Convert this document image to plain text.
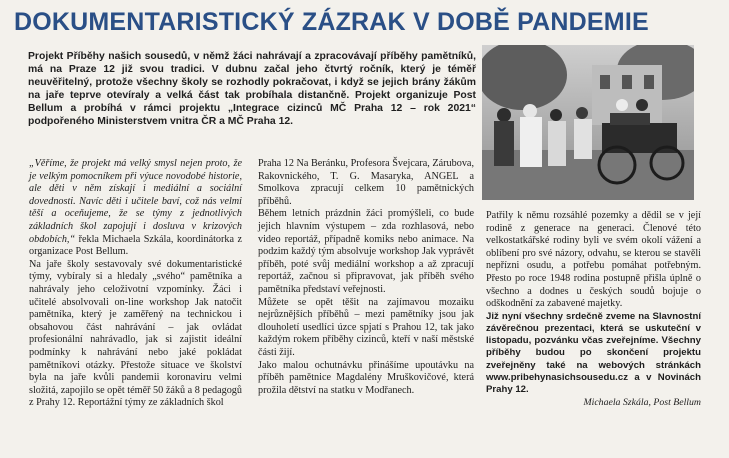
DOKUMENTARISTICKÝ ZÁZRAK V DOBĚ PANDEMIE

Projekt Příběhy našich sousedů, v němž žáci nahrávají a zpracovávají příběhy pamětníků, má na Praze 12 již svou tradici. V dubnu začal jeho čtvrtý ročník, který je téměř neuvěřitelný, protože všechny školy se rozhodly pokračovat, i když se jejich brány žákům na jaře teprve otevíraly a velká část tak probíhala distančně. Projekt organizuje Post Bellum a probíhá v rámci projektu „Integrace cizinců MČ Praha 12 – rok 2021“ podpořeného Ministerstvem vnitra ČR a MČ Praha 12.

„Věříme, že projekt má velký smysl nejen proto, že je velkým pomocníkem při výuce novodobé historie, ale děti v něm získají i mediální a sociální dovednosti. Navíc děti i učitele baví, což nás velmi těší a oceňujeme, že se týmy z jednotlivých základních škol zapojují i dosluva v krizových obdobích,“ řekla Michaela Szkála, koordinátorka z organizace Post Bellum.

Na jaře školy sestavovaly své dokumentaristické týmy, vybíraly si a hledaly „svého“ pamětníka a nahrávaly jeho celoživotní vzpomínky. Žáci i učitelé absolvovali on-line workshop Jak natočit pamětníka, který je zaměřený na technickou i obsahovou část nahrávání – jak ovládat profesionální nahrávadlo, jak si zajistit ideální podmínky k nahrávání nebo jaké pokládat pamětníkovi otázky. Přestože situace ve školství byla na jaře kvůli pandemii koronaviru velmi složitá, zapojilo se opět téměř 50 žáků a 8 pedagogů z Prahy 12. Reportážní týmy ze základních škol

Praha 12 Na Beránku, Profesora Švejcara, Zárubova, Rakovnického, T. G. Masaryka, ANGEL a Smolkova zpracují celkem 10 pamětnických příběhů.

Během letních prázdnin žáci promýšleli, co bude jejich hlavním výstupem – zda rozhlasová, nebo video reportáž, případně komiks nebo animace. Na podzim každý tým absolvuje workshop Jak vyprávět příběh, poté svůj mediální workshop a až zpracují reportáž, začnou si připravovat, jak příběh svého pamětníka představí veřejnosti.

Můžete se opět těšit na zajímavou mozaiku nejrůznějších příběhů – mezi pamětníky jsou jak dlouholetí usedlíci úzce spjatí s Prahou 12, tak jako každým rokem příběhy cizinců, kteří v naší městské části žijí.

Jako malou ochutnávku přinášíme upoutávku na příběh pamětnice Magdalény Mruškovičové, která prožila dětství na statku v Modřanech.

Patřily k němu rozsáhlé pozemky a dědil se v její rodině z generace na generaci. Členové této velkostatkářské rodiny byli ve svém okolí vážení a oblíbení pro své názory, odvahu, se kterou se stavěli nepřízni osudu, a potřebu pomáhat potřebným. Přesto po roce 1948 rodina postupně přišla úplně o všechno a dodnes u českých soudů bojuje o odškodnění za zabavené majetky.

Již nyní všechny srdečně zveme na Slavnostní závěrečnou prezentaci, která se uskuteční v listopadu, pozvánku včas zveřejníme. Všechny příběhy budou po skončení projektu zveřejněny také na webových stránkách www.pribehynasichsousedu.cz a v Novinách Prahy 12.

Michaela Szkála, Post Bellum
